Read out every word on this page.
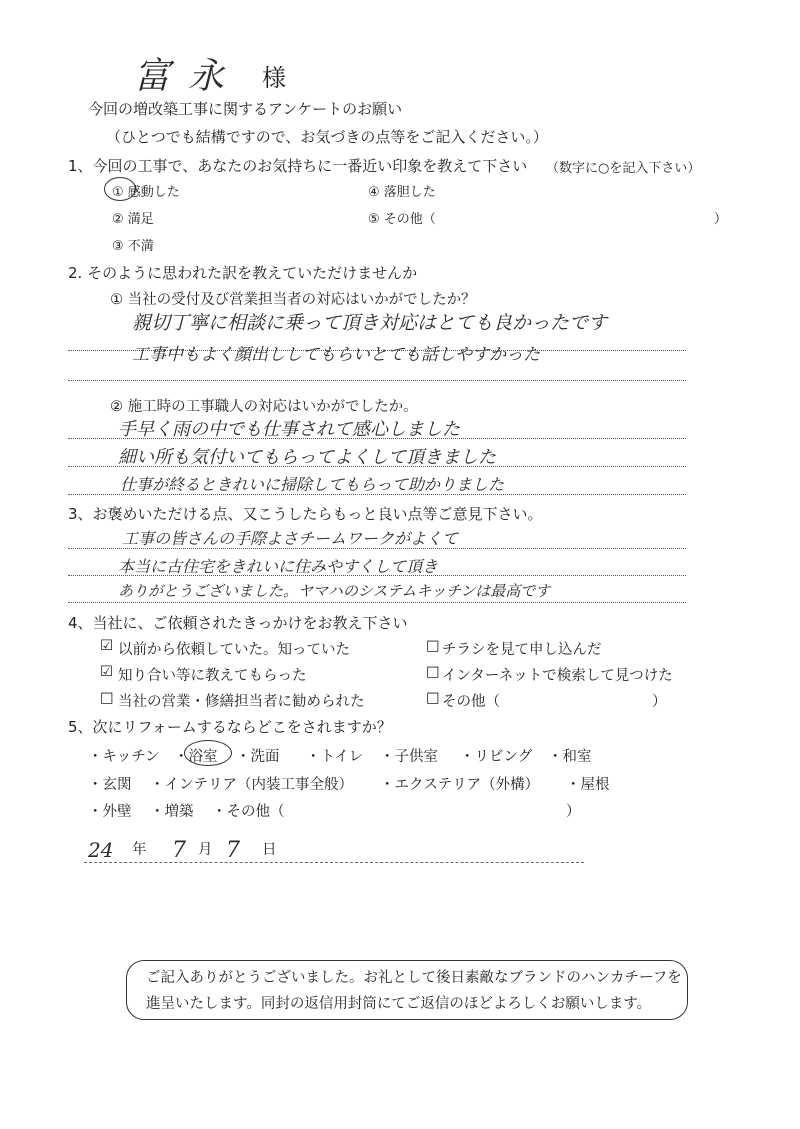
富永 様
今回の増改築工事に関するアンケートのお願い
（ひとつでも結構ですので、お気づきの点等をご記入ください。）
1、今回の工事で、あなたのお気持ちに一番近い印象を教えて下さい （数字に○を記入下さい）
① 感動した
② 満足
③ 不満
④ 落胆した
⑤ その他（	）
2. そのように思われた訳を教えていただけませんか
① 当社の受付及び営業担当者の対応はいかがでしたか？
親切丁寧に相談に乗って頂き対応はとても良かったです
工事中もよく顔出ししてもらいとても話しやすかった
② 施工時の工事職人の対応はいかがでしたか。
手早く雨の中でも仕事されて感心しました
細い所も気付いてもらってよくして頂きました
仕事が終るときれいに掃除してもらって助かりました
3、お褒めいただける点、又こうしたらもっと良い点等ご意見下さい。
工事の皆さんの手際よさチームワークがよくて
本当に古住宅をきれいに住みやすくして頂き
ありがとうございました。ヤマハのシステムキッチンは最高です
4、当社に、ご依頼されたきっかけをお教え下さい
☑ 以前から依頼していた。知っていた	□ チラシを見て申し込んだ
☑ 知り合い等に教えてもらった	□ インターネットで検索して見つけた
□ 当社の営業・修繕担当者に勧められた	□ その他（	）
5、次にリフォームするならどこをされますか？
・キッチン ・浴室 ・洗面 ・トイレ ・子供室 ・リビング ・和室
・玄関 ・インテリア（内装工事全般） ・エクステリア（外構） ・屋根
・外壁 ・増築 ・その他（	）
24 年 7 月 7 日
ご記入ありがとうございました。お礼として後日素敵なブランドのハンカチーフを
進呈いたします。同封の返信用封筒にてご返信のほどよろしくお願いします。
